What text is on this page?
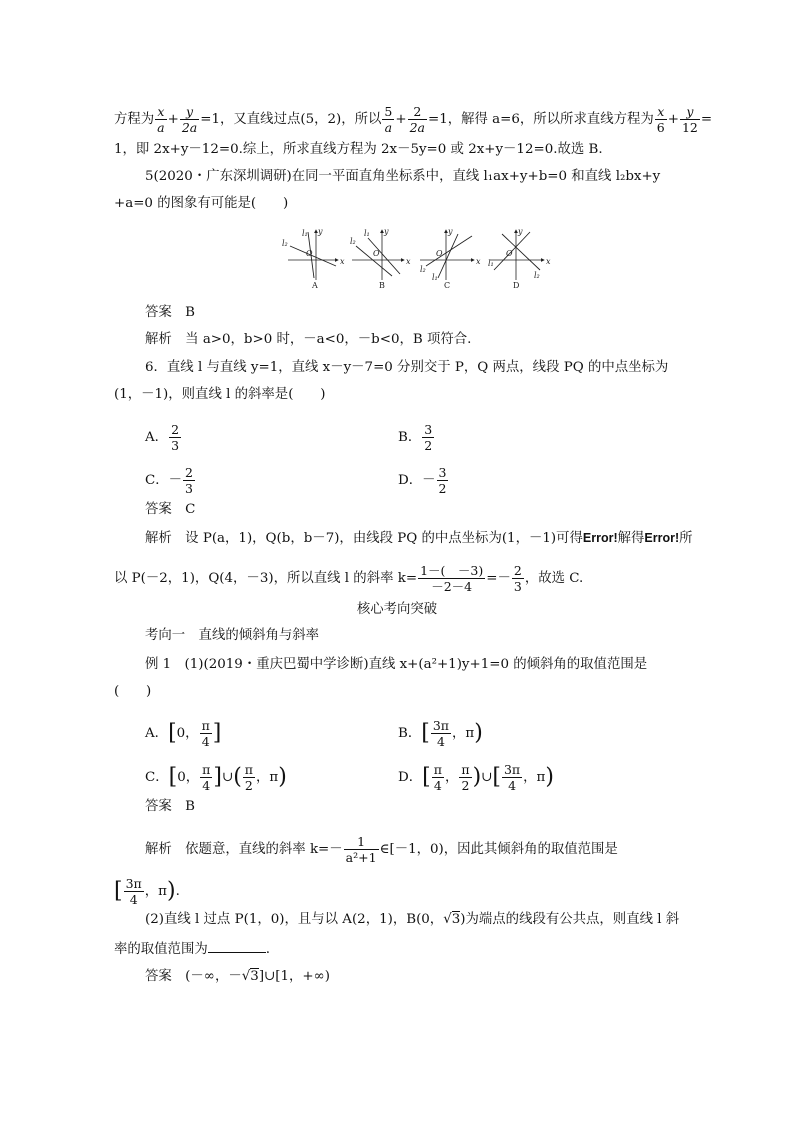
方程为 $\frac{x}{a} + \frac{y}{2a} =1$，又直线过点(5，2)，所以 $\frac{5}{a} + \frac{2}{2a} =1$，解得 a=6，所以所求直线方程为 $\frac{x}{6} + \frac{y}{12}$ =
1，即 2x+y－12=0.综上，所求直线方程为 2x－5y=0 或 2x+y－12=0.故选 B.
5(2020・广东深圳调研)在同一平面直角坐标系中，直线 l₁ax+y+b=0 和直线 l₂bx+y
+a=0 的图象有可能是(　　)
x
y
O
l₁
l₂
A
x
y
O
l₁
l₂
B
x
y
O
l₁
l₂
C
x
y
O
l₁
l₂
D
答案　 B
解析　 当 a>0，b>0 时，－a<0，－b<0，B 项符合.
6．直线 l 与直线 y=1，直线 x－y－7=0 分别交于 P，Q 两点，线段 PQ 的中点坐标为
(1，－1)，则直线 l 的斜率是(　　)
A． $\frac{2}{3}$	B． $\frac{3}{2}$
C．－ $\frac{2}{3}$	D．－ $\frac{3}{2}$
答案　 C
解析　 设 P(a，1)，Q(b，b－7)，由线段 PQ 的中点坐标为(1，－1)可得Error!解得Error!所
以 P(－2，1)，Q(4，－3)，所以直线 l 的斜率 $k= \frac{1-( -3)}{-2-4} =- \frac{2}{3}$ ，故选 C.
核心考向突破
考向一　直线的倾斜角与斜率
例 1　(1)(2019・重庆巴蜀中学诊断)直线 x+(a²+1)y+1=0 的倾斜角的取值范围是
(　　)
A．[0， $\frac{\pi}{4}$ ]	B．[ $\frac{3\pi}{4}$ ，π)
C．[0， $\frac{\pi}{4}$ ]∪( $\frac{\pi}{2}$ ，π)	D．[ $\frac{\pi}{4}$ ， $\frac{\pi}{2}$ )∪[ $\frac{3\pi}{4}$ ，π)
答案　 B
解析　 依题意，直线的斜率 $k=- \frac{1}{\text{a²+1}}$ ∈[－1，0)，因此其倾斜角的取值范围是
[ $\frac{3\pi}{4}$ ，π).
(2)直线 l 过点 P(1，0)，且与以 A(2，1)，B(0，√3)为端点的线段有公共点，则直线 l 斜
率的取值范围为	.
答案　 (－∞，－√3]∪[1，+∞)
